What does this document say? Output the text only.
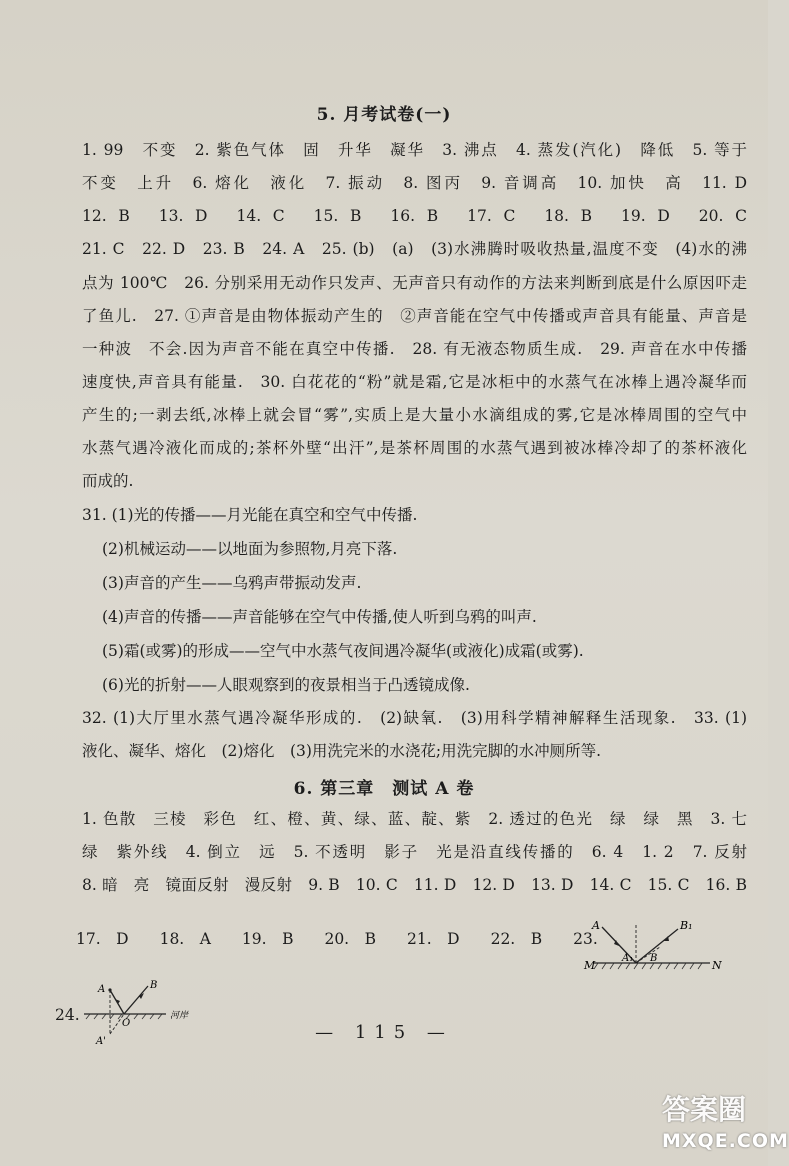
5. 月考试卷(一)
1. 99　不变　2. 紫色气体　固　升华　凝华　3. 沸点　4. 蒸发(汽化)　降低　5. 等于
不变　上升　6. 熔化　液化　7. 振动　8. 图丙　9. 音调高　10. 加快　高　11. D
12. B　13. D　14. C　15. B　16. B　17. C　18. B　19. D　20. C
21. C　22. D　23. B　24. A　25. (b)　(a)　(3)水沸腾时吸收热量,温度不变　(4)水的沸
点为 100℃　26. 分别采用无动作只发声、无声音只有动作的方法来判断到底是什么原因吓走
了鱼儿.　27. ①声音是由物体振动产生的　②声音能在空气中传播或声音具有能量、声音是
一种波　不会.因为声音不能在真空中传播.　28. 有无液态物质生成.　29. 声音在水中传播
速度快,声音具有能量.　30. 白花花的“粉”就是霜,它是冰柜中的水蒸气在冰棒上遇冷凝华而
产生的;一剥去纸,冰棒上就会冒“雾”,实质上是大量小水滴组成的雾,它是冰棒周围的空气中
水蒸气遇冷液化而成的;茶杯外壁“出汗”,是茶杯周围的水蒸气遇到被冰棒冷却了的茶杯液化
而成的.
31. (1)光的传播——月光能在真空和空气中传播.
(2)机械运动——以地面为参照物,月亮下落.
(3)声音的产生——乌鸦声带振动发声.
(4)声音的传播——声音能够在空气中传播,使人听到乌鸦的叫声.
(5)霜(或雾)的形成——空气中水蒸气夜间遇冷凝华(或液化)成霜(或雾).
(6)光的折射——人眼观察到的夜景相当于凸透镜成像.
32. (1)大厅里水蒸气遇冷凝华形成的.　(2)缺氧.　(3)用科学精神解释生活现象.　33. (1)
液化、凝华、熔化　(2)熔化　(3)用洗完米的水浇花;用洗完脚的水冲厕所等.
6. 第三章　测试 A 卷
1. 色散　三棱　彩色　红、橙、黄、绿、蓝、靛、紫　2. 透过的色光　绿　绿　黑　3. 七
绿　紫外线　4. 倒立　远　5. 不透明　影子　光是沿直线传播的　6. 4　1. 2　7. 反射
8. 暗　亮　镜面反射　漫反射　9. B　10. C　11. D　12. D　13. D　14. C　15. C　16. B
17.　D　　18.　A　　19.　B　　20.　B　　21.　D　　22.　B　　23.
A	B₁
A₁ B
M	N
24.
A	B
O
A'
河岸
— 115 —
答案圈
MXQE.COM
